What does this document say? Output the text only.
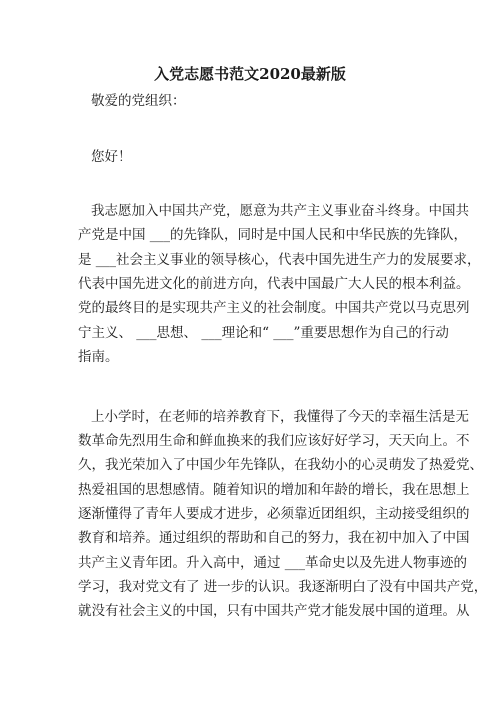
入党志愿书范文2020最新版
敬爱的党组织：
您好！
我志愿加入中国共产党，愿意为共产主义事业奋斗终身。中国共
产党是中国 ___的先锋队，同时是中国人民和中华民族的先锋队，
是 ___社会主义事业的领导核心，代表中国先进生产力的发展要求，
代表中国先进文化的前进方向，代表中国最广大人民的根本利益。
党的最终目的是实现共产主义的社会制度。中国共产党以马克思列
宁主义、 ___思想、 ___理论和“ ___”重要思想作为自己的行动
指南。
上小学时，在老师的培养教育下，我懂得了今天的幸福生活是无
数革命先烈用生命和鲜血换来的我们应该好好学习，天天向上。不
久，我光荣加入了中国少年先锋队，在我幼小的心灵萌发了热爱党、
热爱祖国的思想感情。随着知识的增加和年龄的增长，我在思想上
逐渐懂得了青年人要成才进步，必须靠近团组织，主动接受组织的
教育和培养。通过组织的帮助和自己的努力，我在初中加入了中国
共产主义青年团。升入高中，通过 ___革命史以及先进人物事迹的
学习，我对党文有了 进一步的认识。我逐渐明白了没有中国共产党，
就没有社会主义的中国，只有中国共产党才能发展中国的道理。从
